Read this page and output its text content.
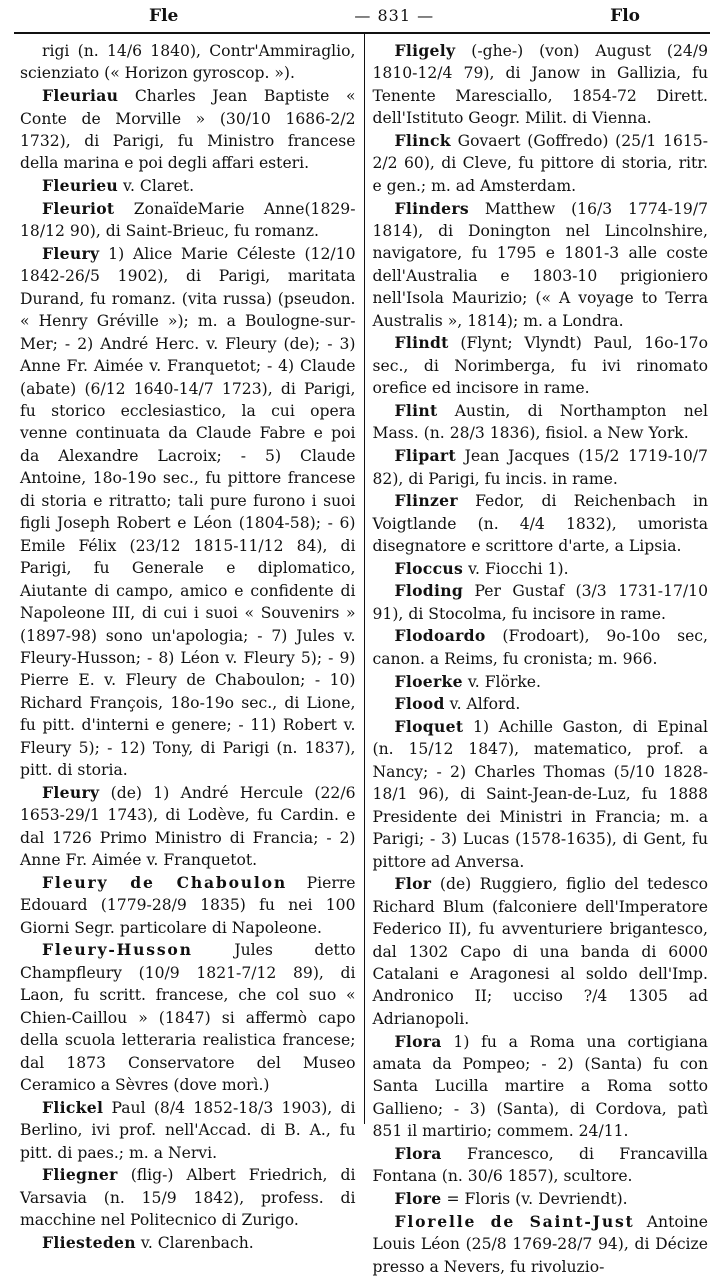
Fle	— 831 —	Flo

rigi (n. 14/6 1840), Contr'Ammiraglio, scienziato (« Horizon gyroscop. »).

Fleuriau Charles Jean Baptiste « Conte de Morville » (30/10 1686-2/2 1732), di Parigi, fu Ministro francese della marina e poi degli affari esteri.

Fleurieu v. Claret.

Fleuriot ZonaïdeMarie Anne(1829-18/12 90), di Saint-Brieuc, fu romanz.

Fleury 1) Alice Marie Céleste (12/10 1842-26/5 1902), di Parigi, maritata Durand, fu romanz. (vita russa) (pseudon. « Henry Gréville »); m. a Boulogne-sur-Mer; - 2) André Herc. v. Fleury (de); - 3) Anne Fr. Aimée v. Franquetot; - 4) Claude (abate) (6/12 1640-14/7 1723), di Parigi, fu storico ecclesiastico, la cui opera venne continuata da Claude Fabre e poi da Alexandre Lacroix; - 5) Claude Antoine, 18o-19o sec., fu pittore francese di storia e ritratto; tali pure furono i suoi figli Joseph Robert e Léon (1804-58); - 6) Emile Félix (23/12 1815-11/12 84), di Parigi, fu Generale e diplomatico, Aiutante di campo, amico e confidente di Napoleone III, di cui i suoi « Souvenirs » (1897-98) sono un'apologia; - 7) Jules v. Fleury-Husson; - 8) Léon v. Fleury 5); - 9) Pierre E. v. Fleury de Chaboulon; - 10) Richard François, 18o-19o sec., di Lione, fu pitt. d'interni e genere; - 11) Robert v. Fleury 5); - 12) Tony, di Parigi (n. 1837), pitt. di storia.

Fleury (de) 1) André Hercule (22/6 1653-29/1 1743), di Lodève, fu Cardin. e dal 1726 Primo Ministro di Francia; - 2) Anne Fr. Aimée v. Franquetot.

Fleury de Chaboulon Pierre Edouard (1779-28/9 1835) fu nei 100 Giorni Segr. particolare di Napoleone.

Fleury-Husson	Jules detto Champfleury (10/9 1821-7/12 89), di Laon, fu scritt. francese, che col suo « Chien-Caillou » (1847) si affermò capo della scuola letteraria realistica francese; dal 1873 Conservatore del Museo Ceramico a Sèvres (dove morì.)

Flickel Paul (8/4 1852-18/3 1903), di Berlino, ivi prof. nell'Accad. di B. A., fu pitt. di paes.; m. a Nervi.

Fliegner (flig-) Albert Friedrich, di Varsavia (n. 15/9 1842), profess. di macchine nel Politecnico di Zurigo.

Fliesteden v. Clarenbach.

Fligely (-ghe-) (von) August (24/9 1810-12/4 79), di Janow in Gallizia, fu Tenente Maresciallo, 1854-72 Dirett. dell'Istituto Geogr. Milit. di Vienna.

Flinck Govaert (Goffredo) (25/1 1615-2/2 60), di Cleve, fu pittore di storia, ritr. e gen.; m. ad Amsterdam.

Flinders Matthew (16/3 1774-19/7 1814), di Donington nel Lincolnshire, navigatore, fu 1795 e 1801-3 alle coste dell'Australia e 1803-10 prigioniero nell'Isola Maurizio; (« A voyage to Terra Australis », 1814); m. a Londra.

Flindt (Flynt; Vlyndt) Paul, 16o-17o sec., di Norimberga, fu ivi rinomato orefice ed incisore in rame.

Flint Austin, di Northampton nel Mass. (n. 28/3 1836), fisiol. a New York.

Flipart Jean Jacques (15/2 1719-10/7 82), di Parigi, fu incis. in rame.

Flinzer Fedor, di Reichenbach in Voigtlande (n. 4/4 1832), umorista disegnatore e scrittore d'arte, a Lipsia.

Floccus v. Fiocchi 1).

Floding Per Gustaf (3/3 1731-17/10 91), di Stocolma, fu incisore in rame.

Flodoardo (Frodoart), 9o-10o sec, canon. a Reims, fu cronista; m. 966.

Floerke v. Flörke.

Flood v. Alford.

Floquet 1) Achille Gaston, di Epinal (n. 15/12 1847), matematico, prof. a Nancy; - 2) Charles Thomas (5/10 1828-18/1 96), di Saint-Jean-de-Luz, fu 1888 Presidente dei Ministri in Francia; m. a Parigi; - 3) Lucas (1578-1635), di Gent, fu pittore ad Anversa.

Flor (de) Ruggiero, figlio del tedesco Richard Blum (falconiere dell'Imperatore Federico II), fu avventuriere brigantesco, dal 1302 Capo di una banda di 6000 Catalani e Aragonesi al soldo dell'Imp. Andronico II; ucciso ?/4 1305 ad Adrianopoli.

Flora 1) fu a Roma una cortigiana amata da Pompeo; - 2) (Santa) fu con Santa Lucilla martire a Roma sotto Gallieno; - 3) (Santa), di Cordova, patì 851 il martirio; commem. 24/11.

Flora Francesco, di Francavilla Fontana (n. 30/6 1857), scultore.

Flore = Floris (v. Devriendt).

Florelle de Saint-Just Antoine Louis Léon (25/8 1769-28/7 94), di Décize presso a Nevers, fu rivoluzio-
